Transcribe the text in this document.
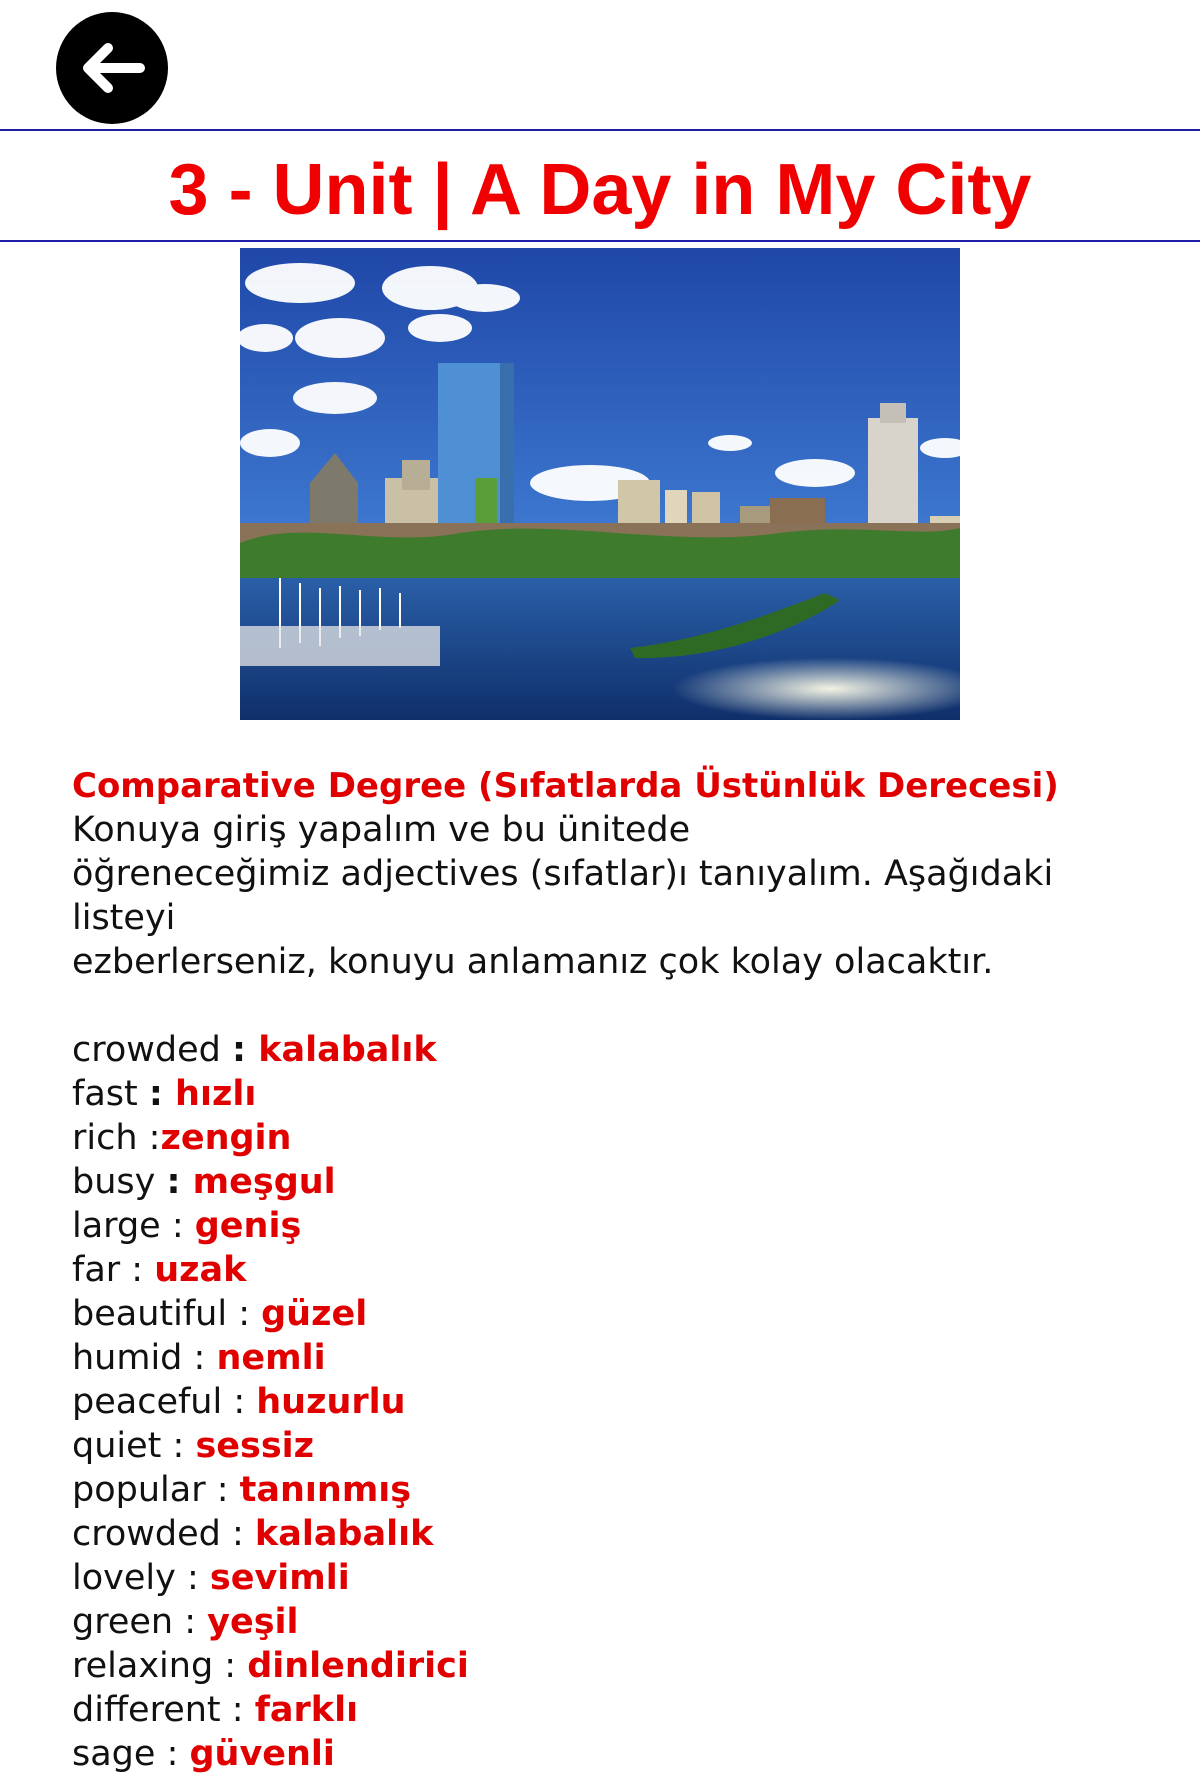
3 - Unit | A Day in My City
Comparative Degree (Sıfatlarda Üstünlük Derecesi)
Konuya giriş yapalım ve bu ünitede
öğreneceğimiz adjectives (sıfatlar)ı tanıyalım. Aşağıdaki listeyi
ezberlerseniz, konuyu anlamanız çok kolay olacaktır.
crowded : kalabalık
fast : hızlı
rich :zengin
busy : meşgul
large : geniş
far : uzak
beautiful : güzel
humid : nemli
peaceful : huzurlu
quiet : sessiz
popular : tanınmış
crowded : kalabalık
lovely : sevimli
green : yeşil
relaxing : dinlendirici
different : farklı
sage : güvenli
